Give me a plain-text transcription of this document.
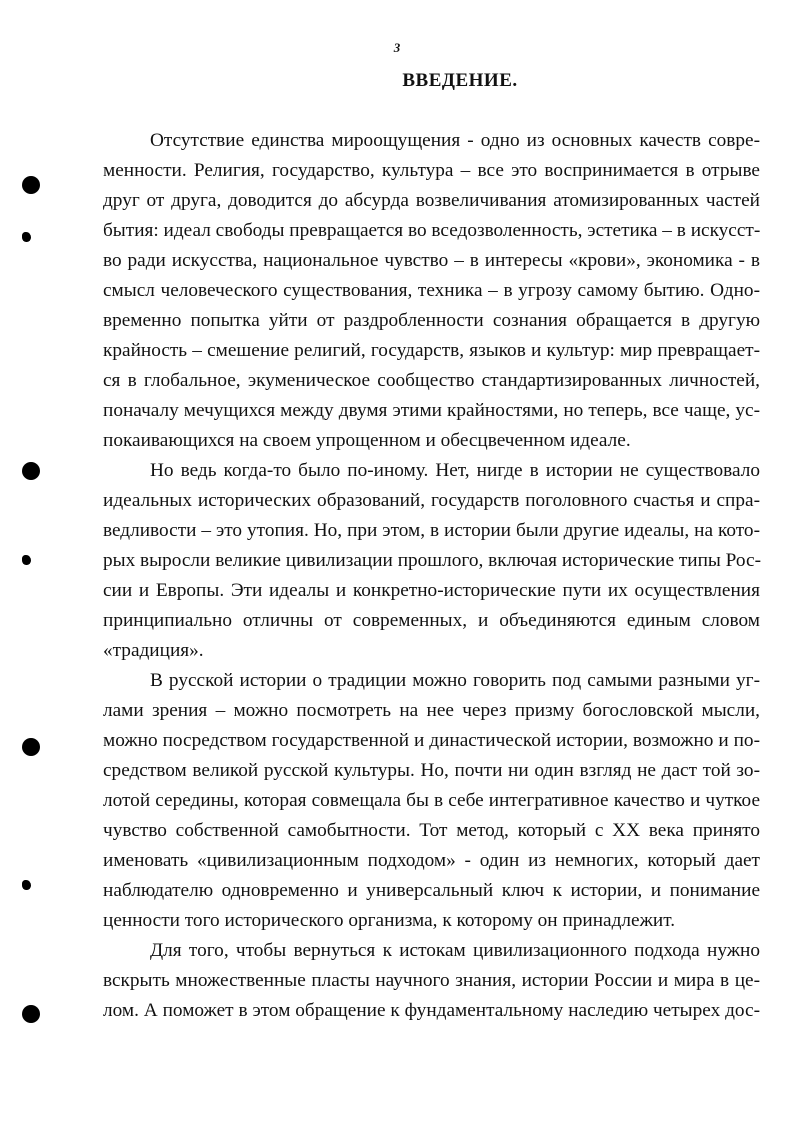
3
ВВЕДЕНИЕ.
Отсутствие единства мироощущения - одно из основных качеств совре-
менности. Религия, государство, культура – все это воспринимается в отрыве
друг от друга, доводится до абсурда возвеличивания атомизированных частей
бытия: идеал свободы превращается во вседозволенность, эстетика – в искусст-
во ради искусства, национальное чувство – в интересы «крови», экономика - в
смысл человеческого существования, техника – в угрозу самому бытию. Одно-
временно попытка уйти от раздробленности сознания обращается в другую
крайность – смешение религий, государств, языков и культур: мир превращает-
ся в глобальное, экуменическое сообщество стандартизированных личностей,
поначалу мечущихся между двумя этими крайностями, но теперь, все чаще, ус-
покаивающихся на своем упрощенном и обесцвеченном идеале.
Но ведь когда-то было по-иному. Нет, нигде в истории не существовало
идеальных исторических образований, государств поголовного счастья и спра-
ведливости – это утопия. Но, при этом, в истории были другие идеалы, на кото-
рых выросли великие цивилизации прошлого, включая исторические типы Рос-
сии и Европы. Эти идеалы и конкретно-исторические пути их осуществления
принципиально отличны от современных, и объединяются единым словом
«традиция».
В русской истории о традиции можно говорить под самыми разными уг-
лами зрения – можно посмотреть на нее через призму богословской мысли,
можно посредством государственной и династической истории, возможно и по-
средством великой русской культуры. Но, почти ни один взгляд не даст той зо-
лотой середины, которая совмещала бы в себе интегративное качество и чуткое
чувство собственной самобытности. Тот метод, который с XX века принято
именовать «цивилизационным подходом» - один из немногих, который дает
наблюдателю одновременно и универсальный ключ к истории, и понимание
ценности того исторического организма, к которому он принадлежит.
Для того, чтобы вернуться к истокам цивилизационного подхода нужно
вскрыть множественные пласты научного знания, истории России и мира в це-
лом. А поможет в этом обращение к фундаментальному наследию четырех дос-
